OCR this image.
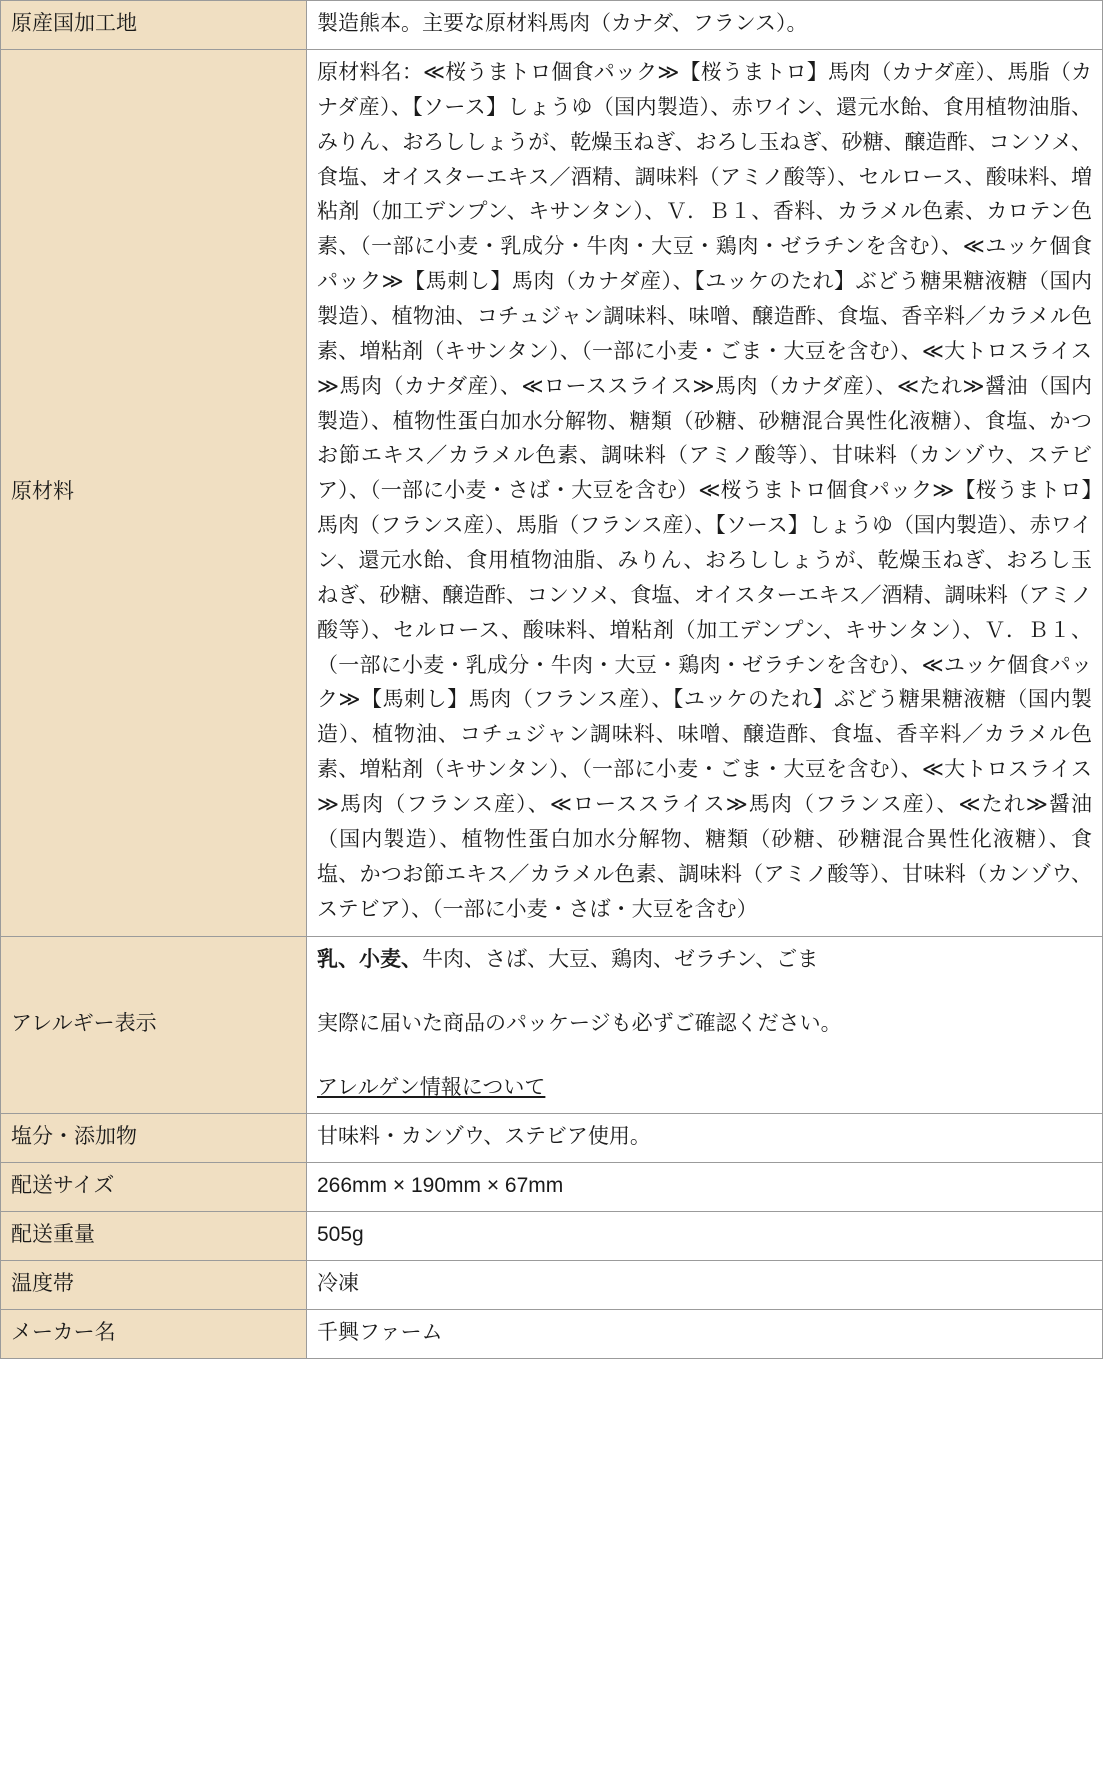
原産国加工地	製造熊本。主要な原材料馬肉（カナダ、フランス）。

原材料	原材料名：≪桜うまトロ個食パック≫【桜うまトロ】馬肉（カナダ産）、馬脂（カナダ産）、【ソース】しょうゆ（国内製造）、赤ワイン、還元水飴、食用植物油脂、みりん、おろししょうが、乾燥玉ねぎ、おろし玉ねぎ、砂糖、醸造酢、コンソメ、食塩、オイスターエキス／酒精、調味料（アミノ酸等）、セルロース、酸味料、増粘剤（加工デンプン、キサンタン）、Ｖ．Ｂ１、香料、カラメル色素、カロテン色素、（一部に小麦・乳成分・牛肉・大豆・鶏肉・ゼラチンを含む）、≪ユッケ個食パック≫【馬刺し】馬肉（カナダ産）、【ユッケのたれ】ぶどう糖果糖液糖（国内製造）、植物油、コチュジャン調味料、味噌、醸造酢、食塩、香辛料／カラメル色素、増粘剤（キサンタン）、（一部に小麦・ごま・大豆を含む）、≪大トロスライス≫馬肉（カナダ産）、≪ローススライス≫馬肉（カナダ産）、≪たれ≫醤油（国内製造）、植物性蛋白加水分解物、糖類（砂糖、砂糖混合異性化液糖）、食塩、かつお節エキス／カラメル色素、調味料（アミノ酸等）、甘味料（カンゾウ、ステビア）、（一部に小麦・さば・大豆を含む）≪桜うまトロ個食パック≫【桜うまトロ】馬肉（フランス産）、馬脂（フランス産）、【ソース】しょうゆ（国内製造）、赤ワイン、還元水飴、食用植物油脂、みりん、おろししょうが、乾燥玉ねぎ、おろし玉ねぎ、砂糖、醸造酢、コンソメ、食塩、オイスターエキス／酒精、調味料（アミノ酸等）、セルロース、酸味料、増粘剤（加工デンプン、キサンタン）、Ｖ．Ｂ１、（一部に小麦・乳成分・牛肉・大豆・鶏肉・ゼラチンを含む）、≪ユッケ個食パック≫【馬刺し】馬肉（フランス産）、【ユッケのたれ】ぶどう糖果糖液糖（国内製造）、植物油、コチュジャン調味料、味噌、醸造酢、食塩、香辛料／カラメル色素、増粘剤（キサンタン）、（一部に小麦・ごま・大豆を含む）、≪大トロスライス≫馬肉（フランス産）、≪ローススライス≫馬肉（フランス産）、≪たれ≫醤油（国内製造）、植物性蛋白加水分解物、糖類（砂糖、砂糖混合異性化液糖）、食塩、かつお節エキス／カラメル色素、調味料（アミノ酸等）、甘味料（カンゾウ、ステビア）、（一部に小麦・さば・大豆を含む）

アレルギー表示	乳、小麦、牛肉、さば、大豆、鶏肉、ゼラチン、ごま
実際に届いた商品のパッケージも必ずご確認ください。
アレルゲン情報について

塩分・添加物	甘味料・カンゾウ、ステビア使用。

配送サイズ	266mm × 190mm × 67mm

配送重量	505g

温度帯	冷凍

メーカー名	千興ファーム
